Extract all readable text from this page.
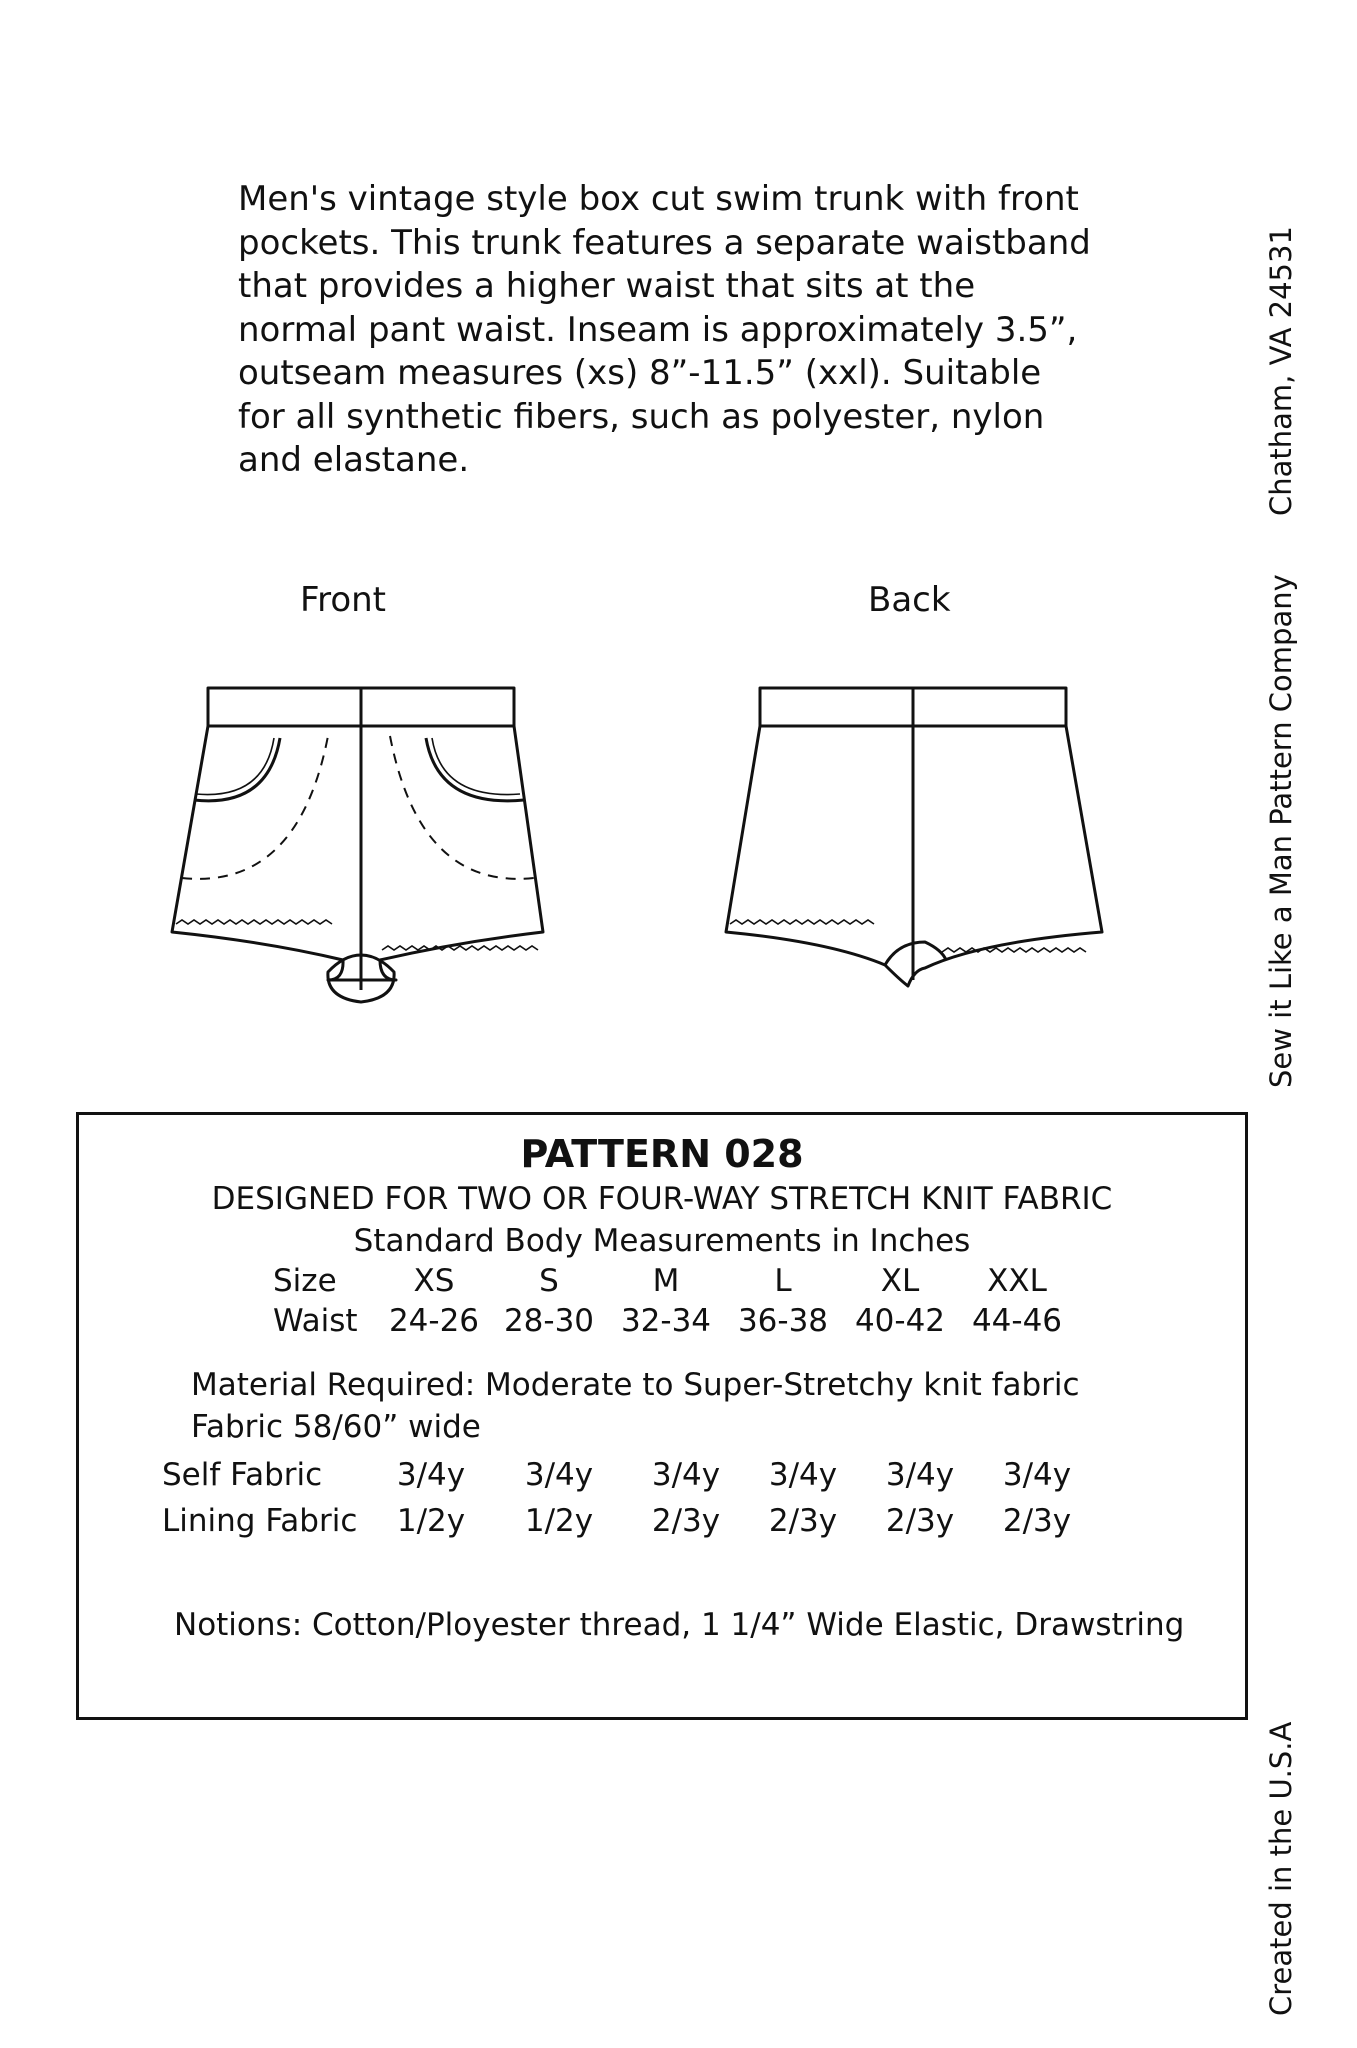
Men's vintage style box cut swim trunk with front pockets. This trunk features a separate waistband that provides a higher waist that sits at the normal pant waist. Inseam is approximately 3.5”, outseam measures (xs) 8”-11.5” (xxl). Suitable for all synthetic fibers, such as polyester, nylon and elastane.

Front	Back
Chatham, VA 24531
Sew it Like a Man Pattern Company
Created in the U.S.A
PATTERN 028
DESIGNED FOR TWO OR FOUR-WAY STRETCH KNIT FABRIC
Standard Body Measurements in Inches
Size XS	S	M	L	XL XXL
Waist 24-26 28-30 32-34 36-38 40-42 44-46
Material Required: Moderate to Super-Stretchy knit fabric
Fabric 58/60” wide
Self Fabric 3/4y 3/4y 3/4y 3/4y 3/4y 3/4y
Lining Fabric 1/2y 1/2y 2/3y 2/3y 2/3y 2/3y
Notions: Cotton/Ployester thread, 1 1/4” Wide Elastic, Drawstring
